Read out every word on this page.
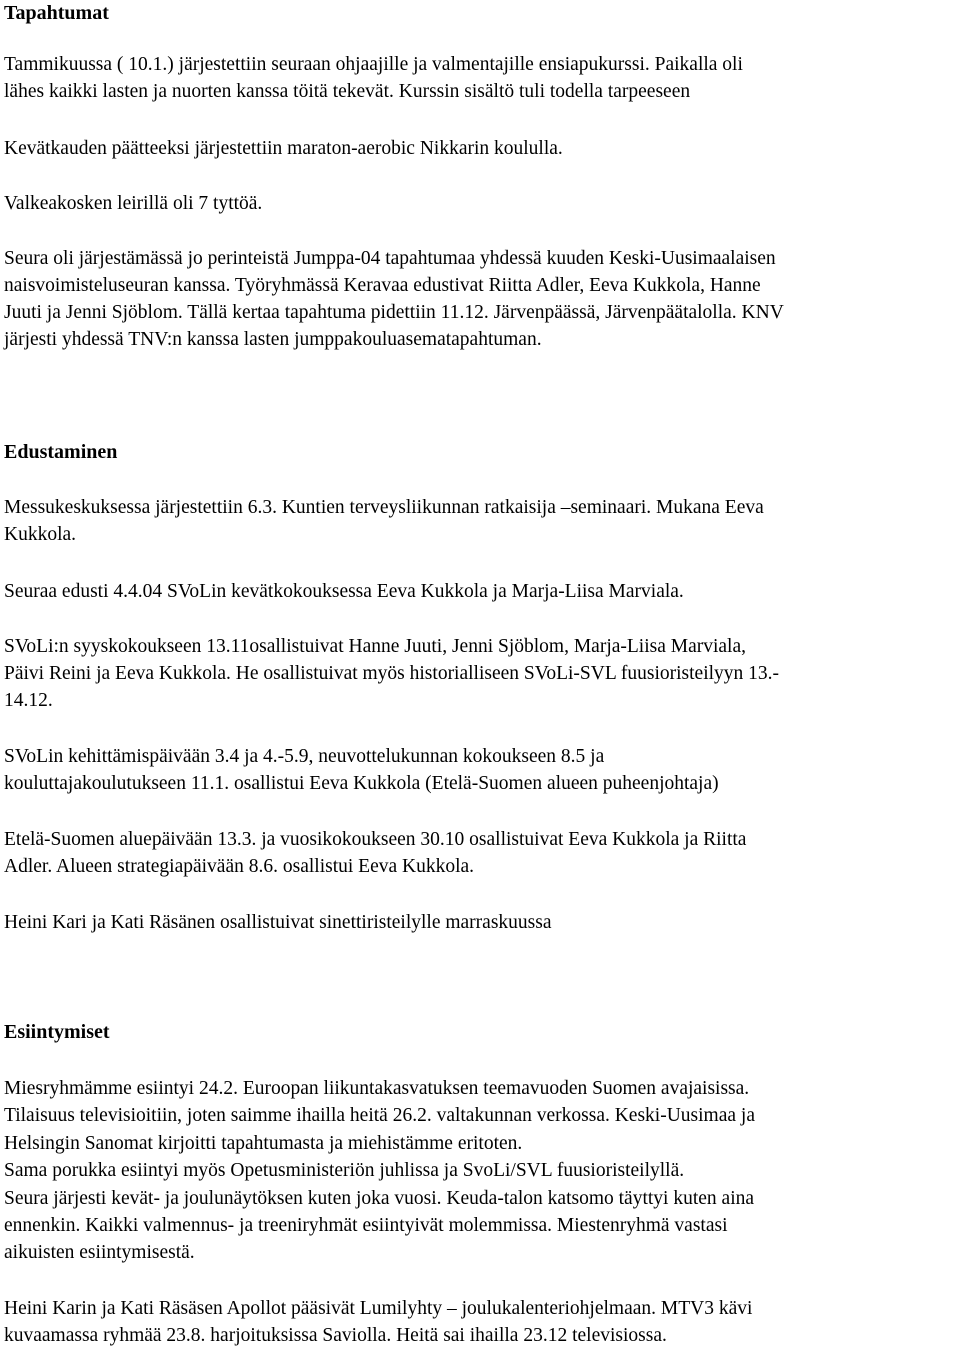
Tapahtumat

Tammikuussa ( 10.1.) järjestettiin seuraan ohjaajille ja valmentajille ensiapukurssi. Paikalla oli
lähes kaikki lasten ja nuorten kanssa töitä tekevät. Kurssin sisältö tuli todella tarpeeseen

Kevätkauden päätteeksi järjestettiin maraton-aerobic Nikkarin koululla.

Valkeakosken leirillä oli 7 tyttöä.

Seura oli järjestämässä jo perinteistä Jumppa-04 tapahtumaa yhdessä kuuden Keski-Uusimaalaisen
naisvoimisteluseuran kanssa. Työryhmässä Keravaa edustivat Riitta Adler, Eeva Kukkola, Hanne
Juuti ja Jenni Sjöblom. Tällä kertaa tapahtuma pidettiin 11.12. Järvenpäässä, Järvenpäätalolla. KNV
järjesti yhdessä TNV:n kanssa lasten jumppakouluasematapahtuman.

Edustaminen

Messukeskuksessa järjestettiin 6.3. Kuntien terveysliikunnan ratkaisija –seminaari. Mukana Eeva
Kukkola.

Seuraa edusti 4.4.04 SVoLin kevätkokouksessa Eeva Kukkola ja Marja-Liisa Marviala.

SVoLi:n syyskokoukseen 13.11osallistuivat Hanne Juuti, Jenni Sjöblom, Marja-Liisa Marviala,
Päivi Reini ja Eeva Kukkola. He osallistuivat myös historialliseen SVoLi-SVL fuusioristeilyyn 13.-
14.12.

SVoLin kehittämispäivään 3.4 ja 4.-5.9, neuvottelukunnan kokoukseen 8.5 ja
kouluttajakoulutukseen 11.1. osallistui Eeva Kukkola (Etelä-Suomen alueen puheenjohtaja)

Etelä-Suomen aluepäivään 13.3. ja vuosikokoukseen 30.10 osallistuivat Eeva Kukkola ja Riitta
Adler. Alueen strategiapäivään 8.6. osallistui Eeva Kukkola.

Heini Kari ja Kati Räsänen osallistuivat sinettiristeilylle marraskuussa

Esiintymiset

Miesryhmämme esiintyi 24.2. Euroopan liikuntakasvatuksen teemavuoden Suomen avajaisissa.
Tilaisuus televisioitiin, joten saimme ihailla heitä 26.2. valtakunnan verkossa. Keski-Uusimaa ja
Helsingin Sanomat kirjoitti tapahtumasta ja miehistämme eritoten.
Sama porukka esiintyi myös Opetusministeriön juhlissa ja SvoLi/SVL fuusioristeilyllä.
Seura järjesti kevät- ja joulunäytöksen kuten joka vuosi. Keuda-talon katsomo täyttyi kuten aina
ennenkin. Kaikki valmennus- ja treeniryhmät esiintyivät molemmissa. Miestenryhmä vastasi
aikuisten esiintymisestä.

Heini Karin ja Kati Räsäsen Apollot pääsivät Lumilyhty – joulukalenteriohjelmaan. MTV3 kävi
kuvaamassa ryhmää 23.8. harjoituksissa Saviolla. Heitä sai ihailla 23.12 televisiossa.
